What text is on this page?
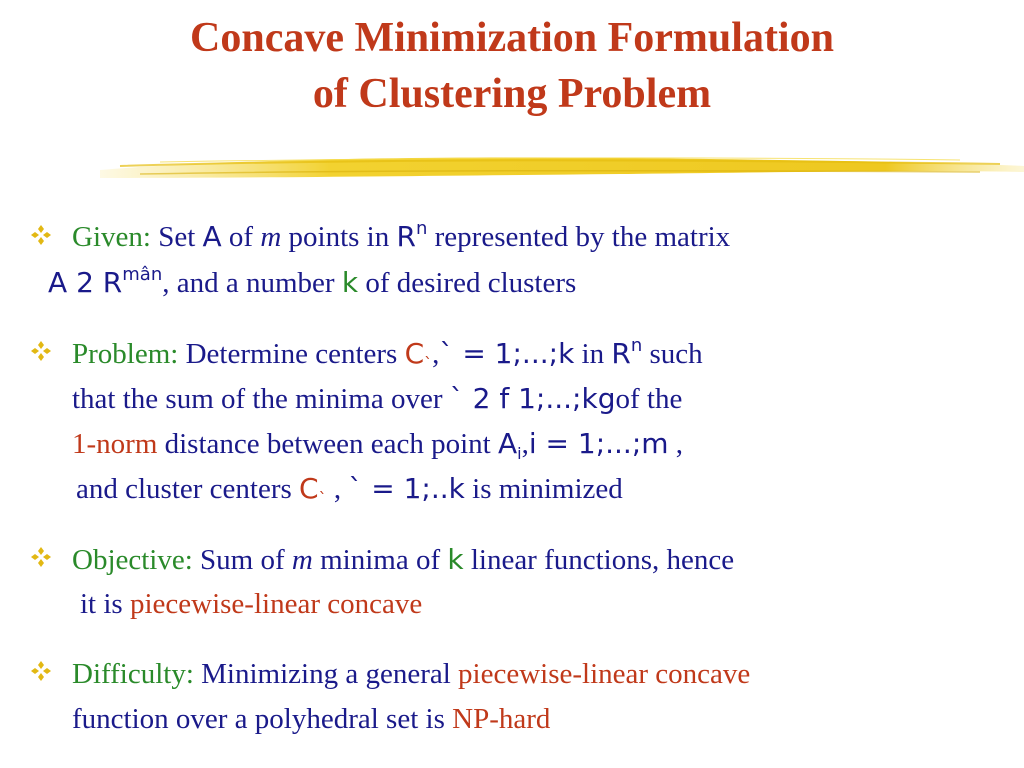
Concave Minimization Formulation
of Clustering Problem
Given: Set A of m points in $R^n$ represented by the matrix
A 2 $R^{mân}$, and a number k of desired clusters
Problem: Determine centers $C_`,`$ = 1;...;k in $R^n$ such
that the sum of the minima over ` 2 f 1;...;kgof the
1-norm distance between each point $A_i,i$ = 1;...;m ,
and cluster centers $C_`$ , ` = 1;..k is minimized
Objective: Sum of m minima of k linear functions, hence
it is piecewise-linear concave
Difficulty: Minimizing a general piecewise-linear concave
function over a polyhedral set is NP-hard
